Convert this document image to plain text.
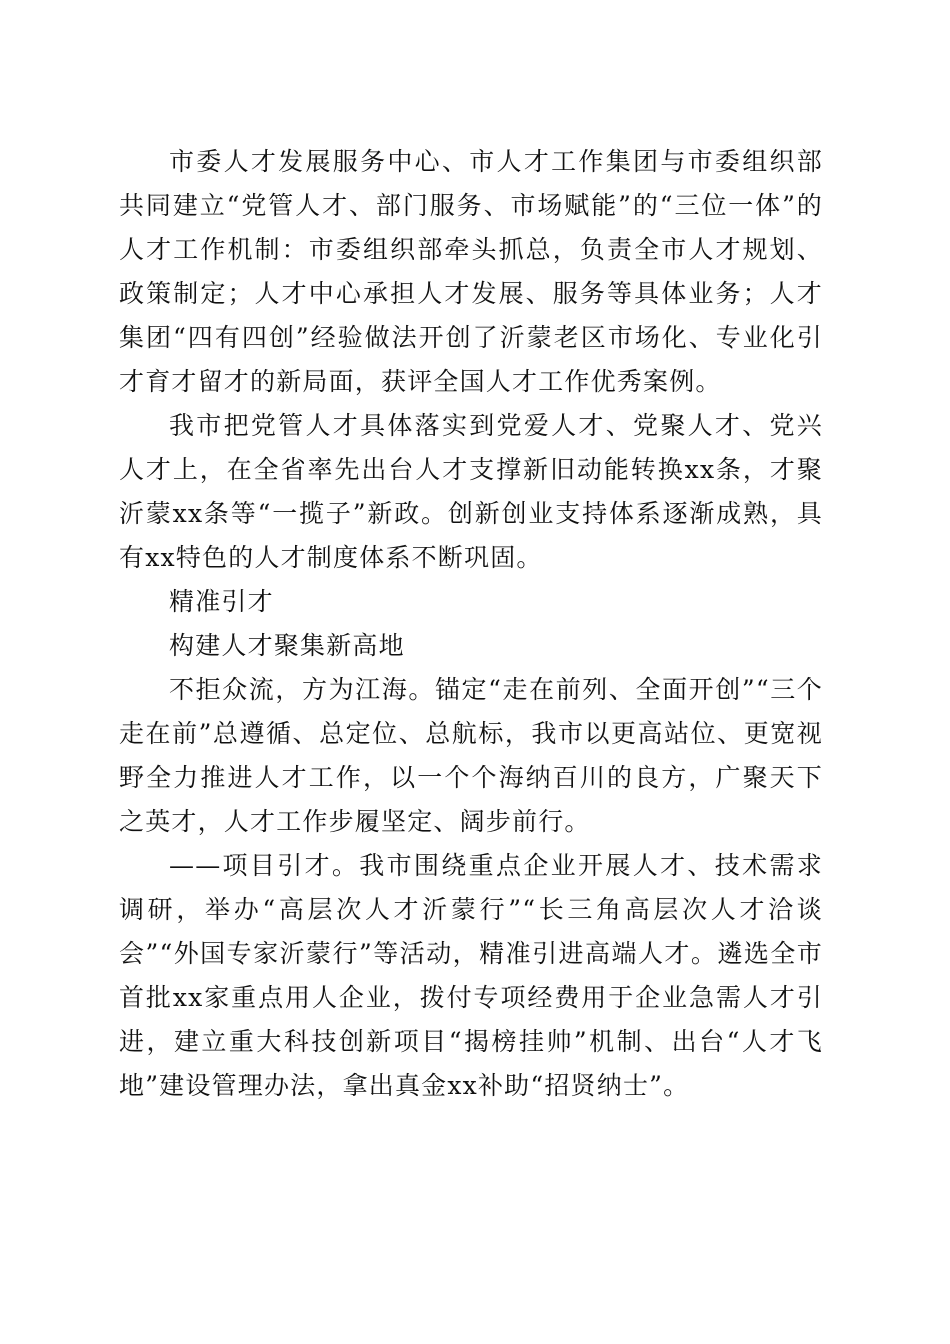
市委人才发展服务中心、市人才工作集团与市委组织部共同建立“党管人才、部门服务、市场赋能”的“三位一体”的人才工作机制：市委组织部牵头抓总，负责全市人才规划、政策制定；人才中心承担人才发展、服务等具体业务；人才集团“四有四创”经验做法开创了沂蒙老区市场化、专业化引才育才留才的新局面，获评全国人才工作优秀案例。

我市把党管人才具体落实到党爱人才、党聚人才、党兴人才上，在全省率先出台人才支撑新旧动能转换xx条，才聚沂蒙xx条等“一揽子”新政。创新创业支持体系逐渐成熟，具有xx特色的人才制度体系不断巩固。

精准引才

构建人才聚集新高地

不拒众流，方为江海。锚定“走在前列、全面开创”“三个走在前”总遵循、总定位、总航标，我市以更高站位、更宽视野全力推进人才工作，以一个个海纳百川的良方，广聚天下之英才，人才工作步履坚定、阔步前行。

——项目引才。我市围绕重点企业开展人才、技术需求调研，举办“高层次人才沂蒙行”“长三角高层次人才洽谈会”“外国专家沂蒙行”等活动，精准引进高端人才。遴选全市首批xx家重点用人企业，拨付专项经费用于企业急需人才引进，建立重大科技创新项目“揭榜挂帅”机制、出台“人才飞地”建设管理办法，拿出真金xx补助“招贤纳士”。
